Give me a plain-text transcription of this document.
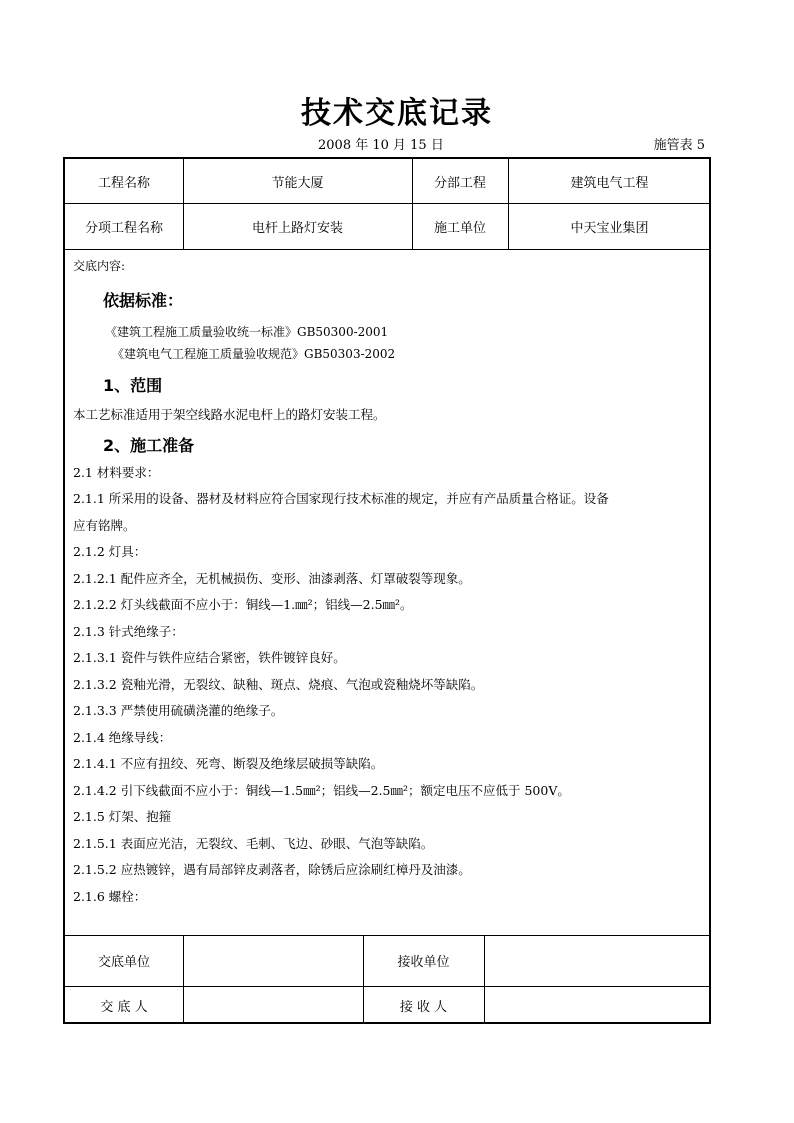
技术交底记录
2008 年 10 月 15 日	施管表 5
工程名称	节能大厦	分部工程	建筑电气工程
分项工程名称	电杆上路灯安装	施工单位	中天宝业集团

交底内容:

依据标准：

《建筑工程施工质量验收统一标准》GB50300-2001

《建筑电气工程施工质量验收规范》GB50303-2002

1、范围

本工艺标准适用于架空线路水泥电杆上的路灯安装工程。

2、施工准备

2.1 材料要求：

2.1.1 所采用的设备、器材及材料应符合国家现行技术标准的规定，并应有产品质量合格证。设备

应有铭牌。

2.1.2 灯具：

2.1.2.1 配件应齐全，无机械损伤、变形、油漆剥落、灯罩破裂等现象。

2.1.2.2 灯头线截面不应小于：铜线—1.㎜²；铝线—2.5㎜²。

2.1.3 针式绝缘子：

2.1.3.1 瓷件与铁件应结合紧密，铁件镀锌良好。

2.1.3.2 瓷釉光滑，无裂纹、缺釉、斑点、烧痕、气泡或瓷釉烧坏等缺陷。

2.1.3.3 严禁使用硫磺浇灌的绝缘子。

2.1.4 绝缘导线：

2.1.4.1 不应有扭绞、死弯、断裂及绝缘层破损等缺陷。

2.1.4.2 引下线截面不应小于：铜线—1.5㎜²；铝线—2.5㎜²；额定电压不应低于 500V。

2.1.5 灯架、抱箍

2.1.5.1 表面应光洁，无裂纹、毛刺、飞边、砂眼、气泡等缺陷。

2.1.5.2 应热镀锌，遇有局部锌皮剥落者，除锈后应涂刷红樟丹及油漆。

2.1.6 螺栓：

交底单位	接收单位
交 底 人	接 收 人
